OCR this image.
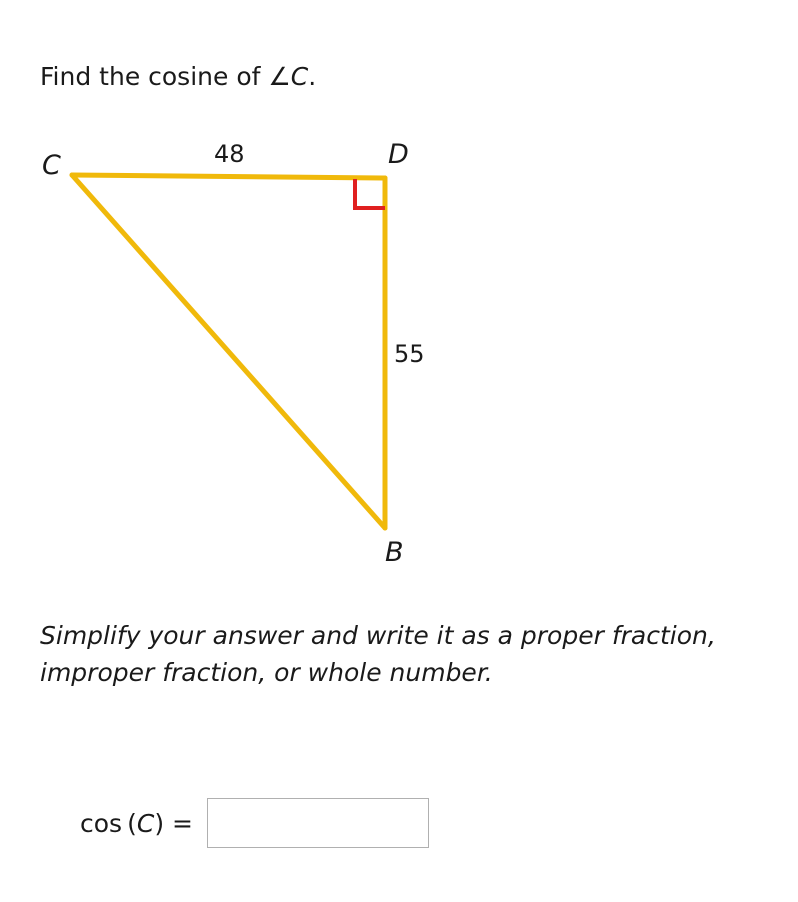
Find the cosine of ∠C.
C	D
B
48
55
Simplify your answer and write it as a proper fraction, improper fraction, or whole number.
cos  (C) =
